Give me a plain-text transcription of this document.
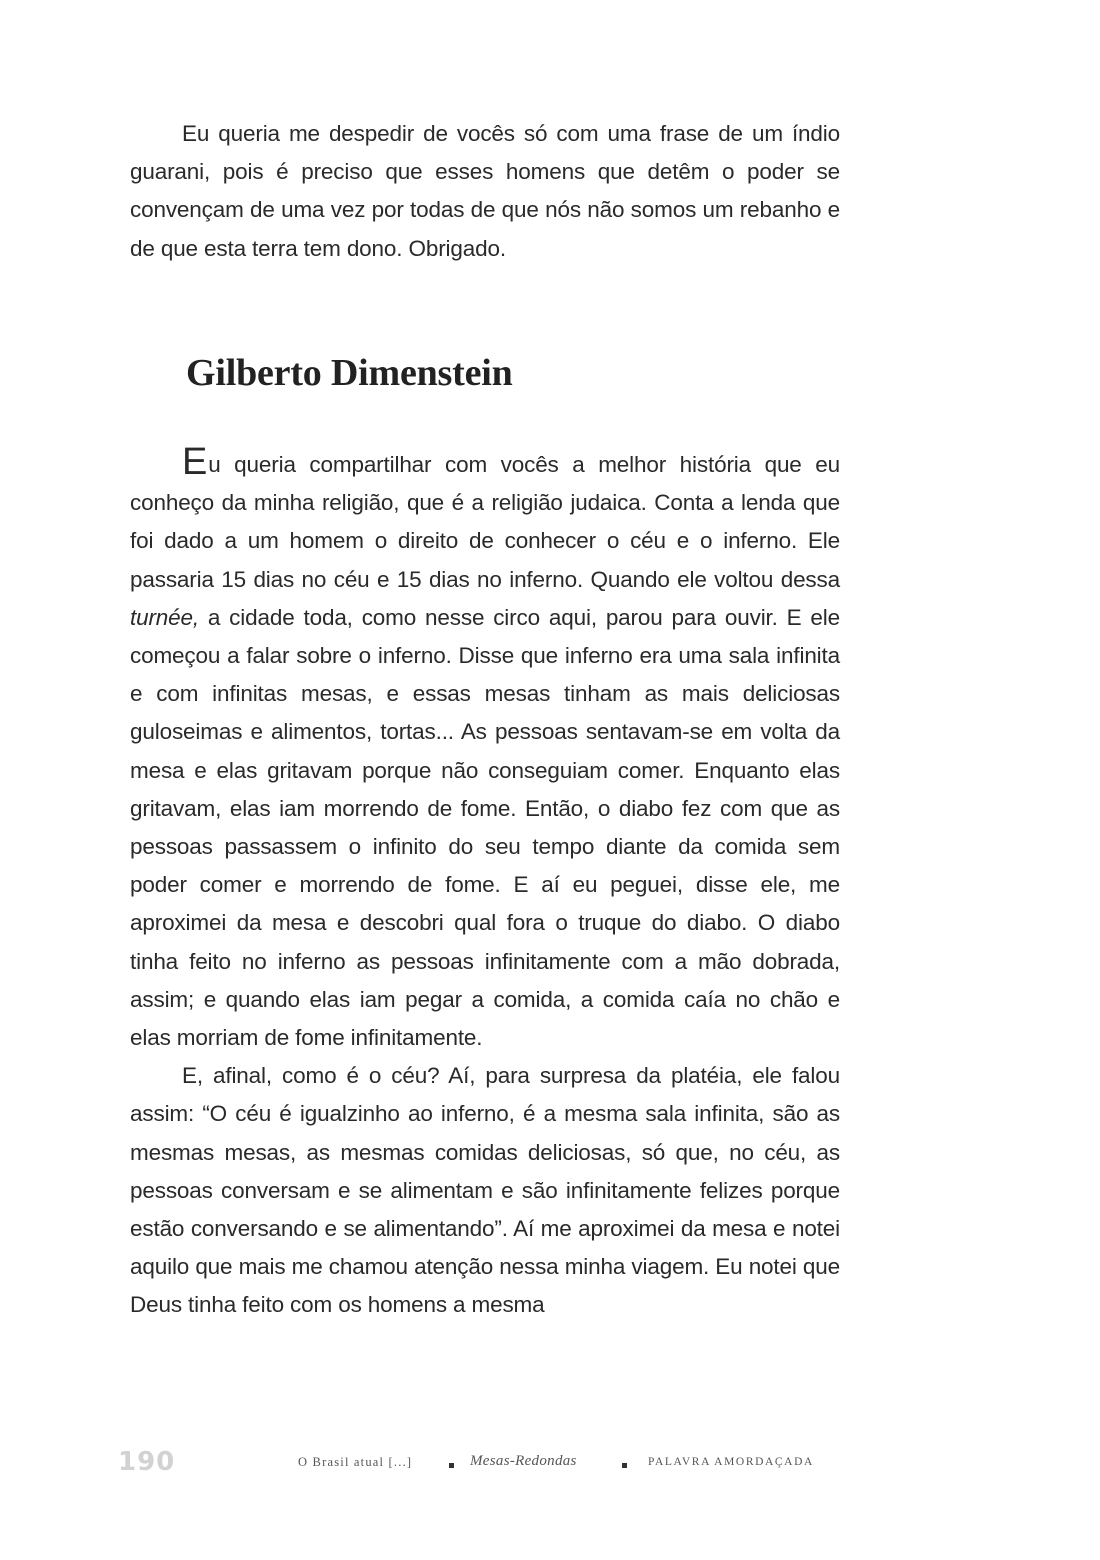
Eu queria me despedir de vocês só com uma frase de um índio guarani, pois é preciso que esses homens que detêm o poder se convençam de uma vez por todas de que nós não somos um rebanho e de que esta terra tem dono. Obrigado.

Gilberto Dimenstein

Eu queria compartilhar com vocês a melhor história que eu conheço da minha religião, que é a religião judaica. Conta a lenda que foi dado a um homem o direito de conhecer o céu e o inferno. Ele passaria 15 dias no céu e 15 dias no inferno. Quando ele voltou dessa turnée, a cidade toda, como nesse circo aqui, parou para ouvir. E ele começou a falar sobre o inferno. Disse que inferno era uma sala infinita e com infinitas mesas, e essas mesas tinham as mais deliciosas guloseimas e alimentos, tortas... As pessoas sentavam-se em volta da mesa e elas gritavam porque não conseguiam comer. Enquanto elas gritavam, elas iam morrendo de fome. Então, o diabo fez com que as pessoas passassem o infinito do seu tempo diante da comida sem poder comer e morrendo de fome. E aí eu peguei, disse ele, me aproximei da mesa e descobri qual fora o truque do diabo. O diabo tinha feito no inferno as pessoas infinitamente com a mão dobrada, assim; e quando elas iam pegar a comida, a comida caía no chão e elas morriam de fome infinitamente.

E, afinal, como é o céu? Aí, para surpresa da platéia, ele falou assim: “O céu é igualzinho ao inferno, é a mesma sala infinita, são as mesmas mesas, as mesmas comidas deliciosas, só que, no céu, as pessoas conversam e se alimentam e são infinitamente felizes porque estão conversando e se alimentando”. Aí me aproximei da mesa e notei aquilo que mais me chamou atenção nessa minha viagem. Eu notei que Deus tinha feito com os homens a mesma

190	O Brasil atual [...]	Mesas-Redondas	PALAVRA AMORDAÇADA
